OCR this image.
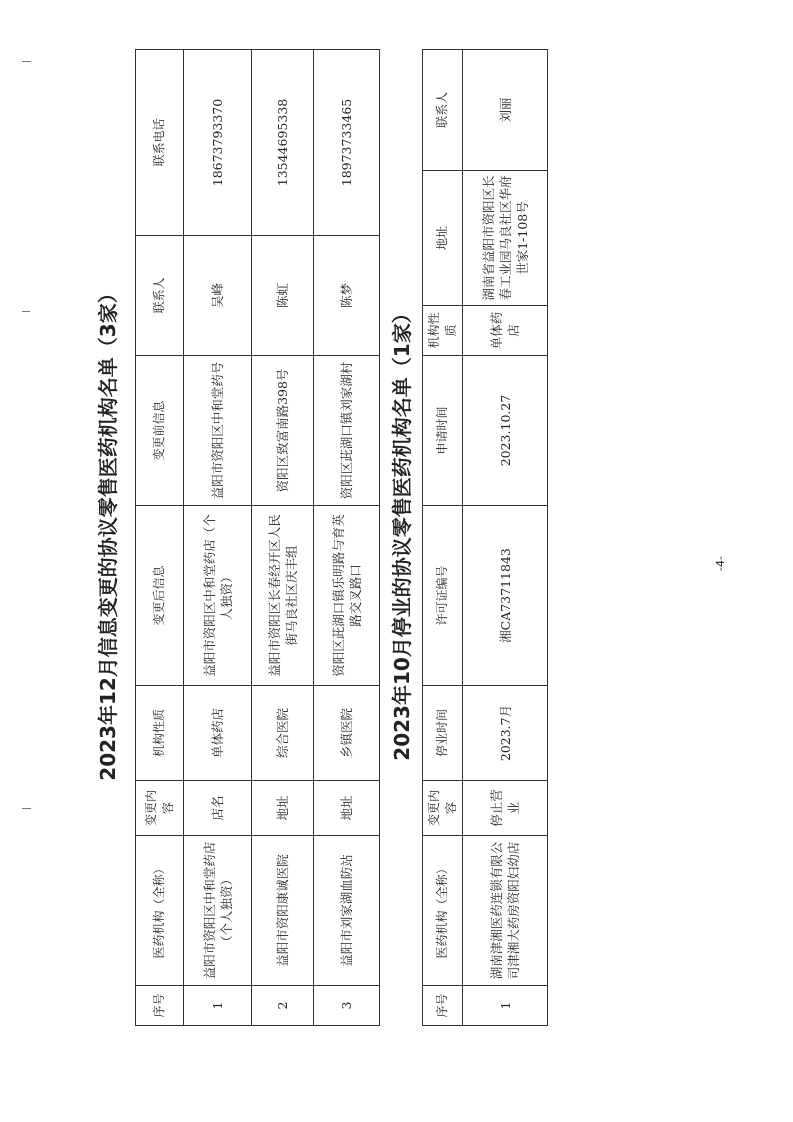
2023年12月信息变更的协议零售医药机构名单（3家）
序号	医药机构（全称）	变更内容	机构性质	变更后信息	变更前信息	联系人	联系电话
1	益阳市资阳区中和堂药店（个人独资）	店名	单体药店	益阳市资阳区中和堂药店（个人独资）	益阳市资阳区中和堂药号	吴峰	18673793370
2	益阳市资阳康诚医院	地址	综合医院	益阳市资阳区长春经开区人民街马良社区庆丰组	资阳区致富南路398号	陈虹	13544695338
3	益阳市刘家湖血防站	地址	乡镇医院	资阳区茈湖口镇乐明路与育英路交叉路口	资阳区茈湖口镇刘家湖村	陈梦	18973733465
2023年10月停业的协议零售医药机构名单（1家）
序号	医药机构（全称）	变更内容	停业时间	许可证编号	申请时间	机构性质	地址	联系人
1	湖南津湘医药连锁有限公司津湘大药房资阳妇幼店	停止营业	2023.7月	湘CA73711843	2023.10.27	单体药店	湖南省益阳市资阳区长春工业园马良社区华府世家1-108号	刘丽
-4-
